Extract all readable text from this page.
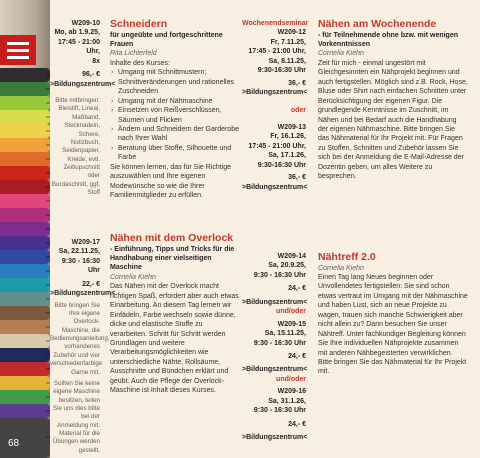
68
W209-10
Mo, ab 1.9.25,
17:45 - 21:00 Uhr,
8x
96,- €
>Bildungszentrum<
Bitte mitbringen: Bleistift, Lineal, Maßband, Stecknadeln, Schere, Notizbuch, Seidenpapier, Kreide, evtl. Zeitlupschnitt oder Burdaschnitt, ggf. Stoff
W209-17
Sa, 22.11.25,
9:30 - 16:30 Uhr
22,- €
>Bildungszentrum<
Bitte bringen Sie Ihre eigene Overlock-Maschine, die Bedienungsanleitung, vorhandenes Zubehör und vier verschiedenfarbige Garne mit.
Sollten Sie keine eigene Maschine besitzen, teilen Sie uns dies bitte bei der Anmeldung mit. Material für die Übungen werden gestellt.
Schneidern
für ungeübte und fortgeschrittene Frauen
Rita Lichterfeld

Inhalte des Kurses:

› Umgang mit Schnittmustern; Schnittveränderungen und rationelles Zuschneiden
› Umgang mit der Nähmaschine
› Einsetzen von Reißverschlüssen, Säumen und Flicken
› Ändern und Schneidern der Garderobe nach Ihrer Wahl
› Beratung über Stoffe, Silhouette und Farbe

Sie können lernen, das für Sie Richtige auszuwählen und Ihre eigenen Modewünsche so wie die Ihrer Familienmitglieder zu erfüllen.

Nähen mit dem Overlock
- Einführung, Tipps und Tricks für die Handhabung einer vielseitigen Maschine
Cornelia Kiehn

Das Nähen mit der Overlock macht richtigen Spaß, erfordert aber auch etwas Einarbeitung. An diesem Tag lernen wir Einfädeln, Farbe wechseln sowie dünne, dicke und elastische Stoffe zu verarbeiten. Schritt für Schritt werden Grundlagen und weitere Verarbeitungsmöglichkeiten wie unterschiedliche Nähte, Rollsäume, Ausschnitte und Bündchen erklärt und geübt. Auch die Pflege der Overlock-Maschine ist Inhalt dieses Kurses.

Wochenendseminar
W209-12
Fr, 7.11.25,
17:45 - 21:00 Uhr,
Sa, 8.11.25,
9:30-16:30 Uhr
36,- €
>Bildungszentrum<
oder
W209-13
Fr, 16.1.26,
17:45 - 21:00 Uhr,
Sa, 17.1.26,
9:30-16:30 Uhr
36,- €
>Bildungszentrum<
W209-14
Sa, 20.9.25,
9:30 - 16:30 Uhr
24,- €
>Bildungszentrum<
und/oder
W209-15
Sa, 15.11.25,
9:30 - 16:30 Uhr
24,- €
>Bildungszentrum<
und/oder
W209-16
Sa, 31.1.26,
9:30 - 16:30 Uhr
24,- €
>Bildungszentrum<
Nähen am Wochenende
- für Teilnehmende ohne bzw. mit wenigen Vorkenntnissen
Cornelia Kiehn

Zeit für mich - einmal ungestört mit Gleichgesinnten ein Nähprojekt beginnen und auch fertigstellen. Möglich sind z.B. Rock, Hose, Bluse oder Shirt nach einfachen Schnitten unter Berücksichtigung der eigenen Figur. Die grundlegende Kenntnisse im Zuschnitt, im Nähen und bei Bedarf auch die Handhabung der eigenen Nähmaschine. Bitte bringen Sie das Nähmaterial für Ihr Projekt mit. Für Fragen zu Stoffen, Schnitten und Zubehör lassen Sie sich bei der Anmeldung die E-Mail-Adresse der Dozentin geben, um alles Weitere zu besprechen.

Nähtreff 2.0
Cornelia Kiehn

Einen Tag lang Neues beginnen oder Unvollendetes fertigstellen: Sie sind schon etwas vertraut im Umgang mit der Nähmaschine und haben Lust, sich an neue Projekte zu wagen, trauen sich manche Schwierigkeit aber nicht allein zu? Dann besuchen Sie unser Nähtreff. Unter fachkundiger Begleitung können Sie Ihre individuellen Nähprojekte zusammen mit anderen Nähbegeisterten verwirklichen. Bitte bringen Sie das Nähmaterial für Ihr Projekt mit.
